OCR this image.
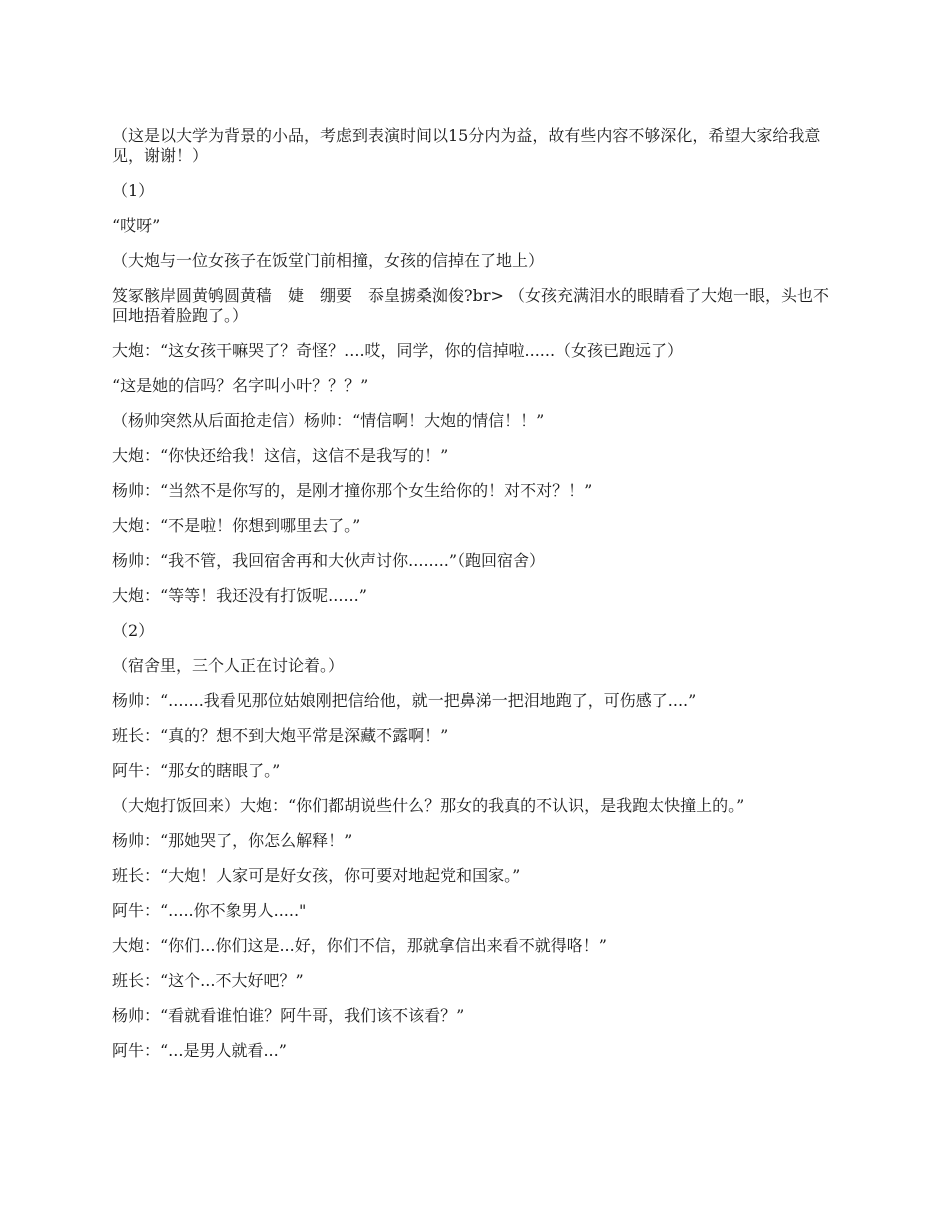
（这是以大学为背景的小品，考虑到表演时间以15分内为益，故有些内容不够深化，希望大家给我意见，谢谢！）

（1）

“哎呀”

（大炮与一位女孩子在饭堂门前相撞，女孩的信掉在了地上）

笈冢骸岸圆黄鸲圆黄穑　婕　绷要　忝皇掳桑洳俊?br> （女孩充满泪水的眼睛看了大炮一眼，头也不回地捂着脸跑了。）

大炮：“这女孩干嘛哭了？奇怪？....哎，同学，你的信掉啦......（女孩已跑远了）

“这是她的信吗？名字叫小叶？？？”

（杨帅突然从后面抢走信）杨帅：“情信啊！大炮的情信！！”

大炮：“你快还给我！这信，这信不是我写的！”

杨帅：“当然不是你写的，是刚才撞你那个女生给你的！对不对？！”

大炮：“不是啦！你想到哪里去了。”

杨帅：“我不管，我回宿舍再和大伙声讨你........”（跑回宿舍）

大炮：“等等！我还没有打饭呢......”

（2）

（宿舍里，三个人正在讨论着。）

杨帅：“.......我看见那位姑娘刚把信给他，就一把鼻涕一把泪地跑了，可伤感了....”

班长：“真的？想不到大炮平常是深藏不露啊！”

阿牛：“那女的瞎眼了。”

（大炮打饭回来）大炮：“你们都胡说些什么？那女的我真的不认识，是我跑太快撞上的。”

杨帅：“那她哭了，你怎么解释！”

班长：“大炮！人家可是好女孩，你可要对地起党和国家。”

阿牛：“.....你不象男人....."

大炮：“你们...你们这是...好，你们不信，那就拿信出来看不就得咯！”

班长：“这个...不大好吧？”

杨帅：“看就看谁怕谁？阿牛哥，我们该不该看？”

阿牛：“...是男人就看...”
